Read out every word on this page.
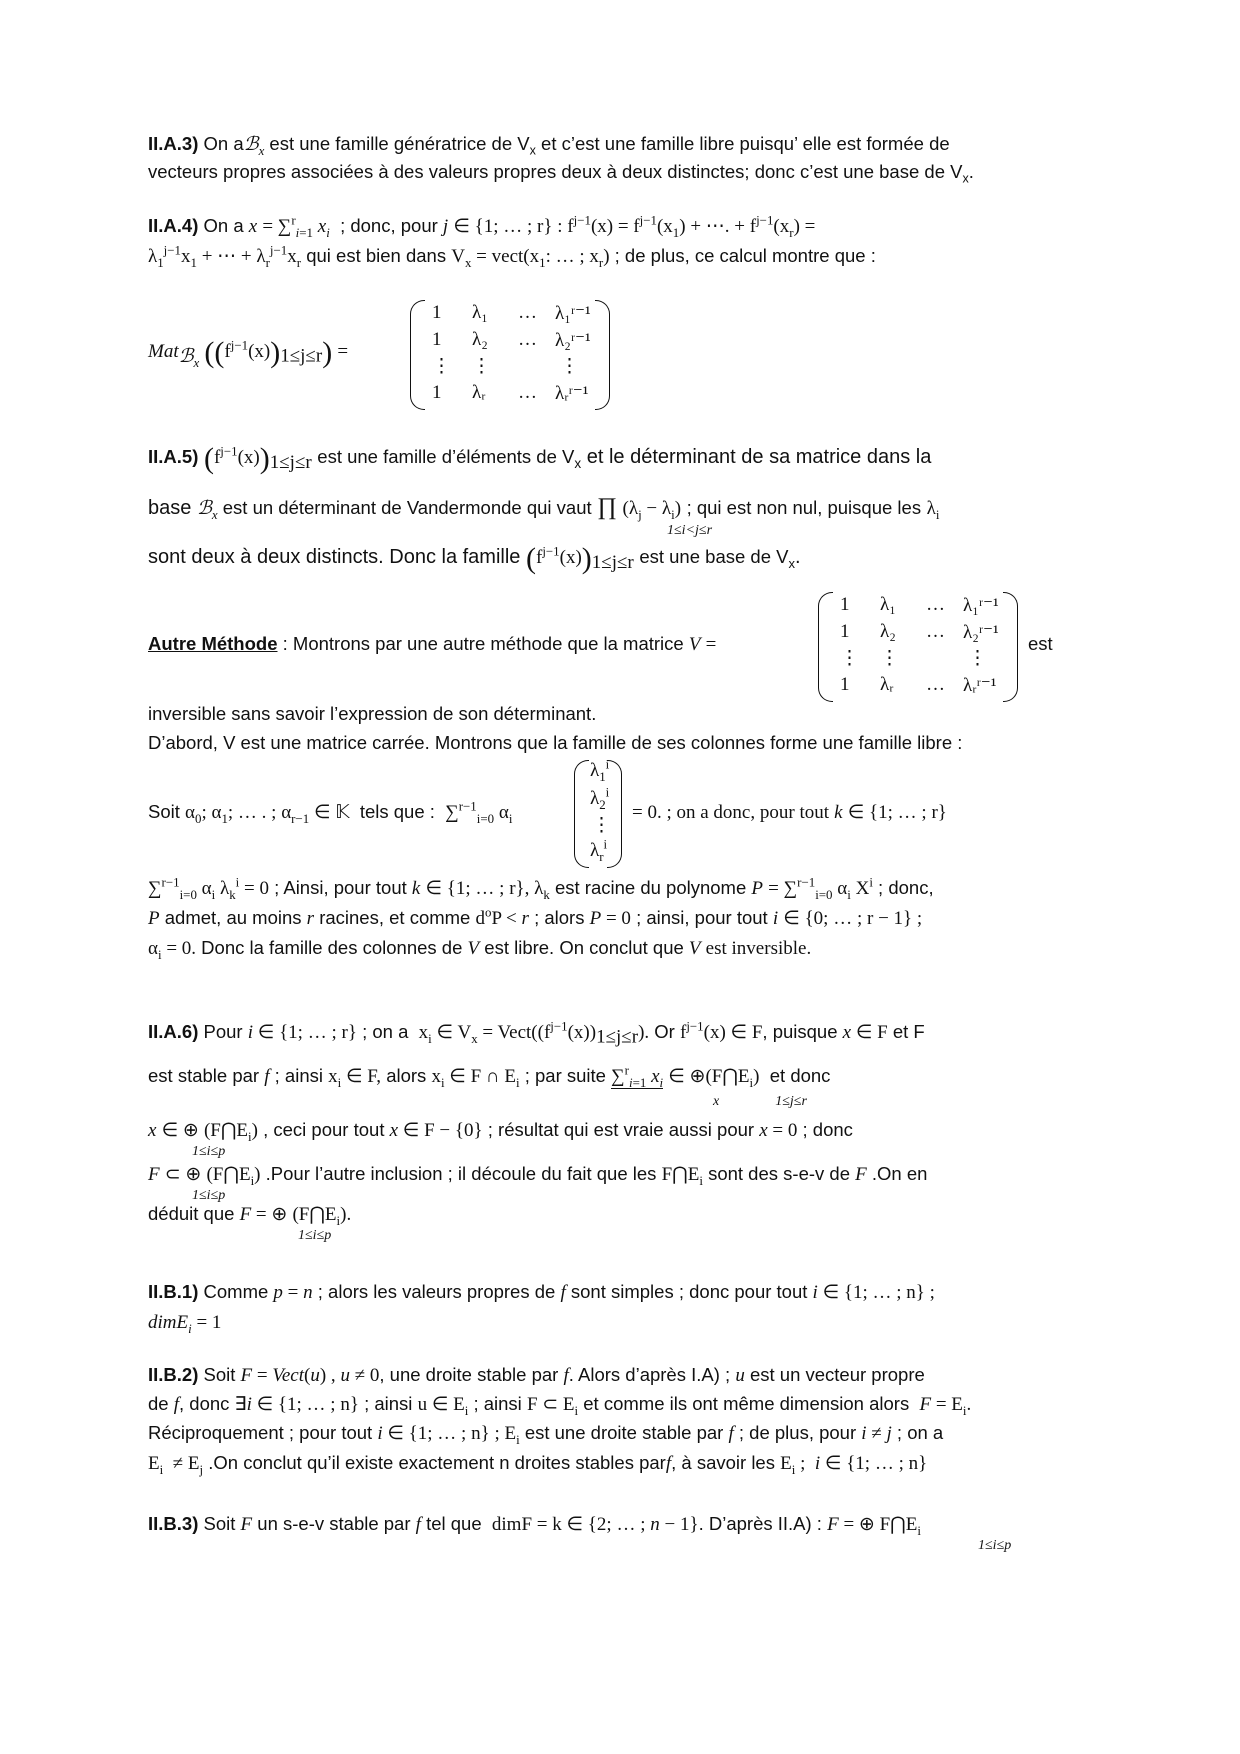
II.A.3) On aℬ$_x$ est une famille génératrice de $V_x$ et c’est une famille libre puisqu’ elle est formée de
vecteurs propres associées à des valeurs propres deux à deux distinctes; donc c’est une base de $V_x$.
II.A.4) On a x = ∑$^r_{i=1}$ $x_i$ ; donc, pour j ∈ {1; … ; r} : $f^{j-1}(x) = f^{j-1}(x_1)$ + ⋯. + $f^{j-1}(x_r)$ =
$\lambda_1^{j-1}x_1$ + ⋯ + $\lambda_r^{j-1}x_r$ qui est bien dans $V_x$ = $vect(x_1$: … ; $x_r$) ; de plus, ce calcul montre que :
Mat$_{ℬ_x}$ $((f^{j-1}(x))_{1\le j\le r})$ =
1 λ₁ … λ₁ʳ⁻¹
1 λ₂ … λ₂ʳ⁻¹
⋮ ⋮	⋮
1 λᵣ … λᵣʳ⁻¹
II.A.5) $(f^{j-1}(x))_{1\le j\le r}$ est une famille d’éléments de $V_x$ et le déterminant de sa matrice dans la
base ℬ$_x$ est un déterminant de Vandermonde qui vaut ∏ $(\lambda_j - \lambda_i)$ ; qui est non nul, puisque les $\lambda_i$
$^{1\le i<j\le r}$
sont deux à deux distincts. Donc la famille $(f^{j-1}(x))_{1\le j\le r}$ est une base de $V_x$.
Autre Méthode : Montrons par une autre méthode que la matrice V =
1 λ₁ … λ₁ʳ⁻¹
1 λ₂ … λ₂ʳ⁻¹
⋮ ⋮	⋮
1 λᵣ … λᵣʳ⁻¹
est
inversible sans savoir l’expression de son déterminant.
D’abord, V est une matrice carrée. Montrons que la famille de ses colonnes forme une famille libre :
Soit $\alpha_0$; $\alpha_1$; … . ; $\alpha_{r-1}$ ∈ 𝕂 tels que : ∑$^{r-1}_{i=0}$ $\alpha_i$
$\lambda_1^i$
$\lambda_2^i$
⋮
$\lambda_r^i$
= 0. ; on a donc, pour tout k ∈ {1; … ; r}
∑$^{r-1}_{i=0}$ $\alpha_i$ $\lambda_k^i = 0$ ; Ainsi, pour tout k ∈ {1; … ; r}, $\lambda_k$ est racine du polynome P = ∑$^{r-1}_{i=0}$ $\alpha_i$ $X^i$ ; donc,
P admet, au moins r racines, et comme $d^oP < r$ ; alors P = 0 ; ainsi, pour tout i ∈ {0; … ; r − 1} ;
$\alpha_i = 0$. Donc la famille des colonnes de V est libre. On conclut que V est inversible.
II.A.6) Pour i ∈ {1; … ; r} ; on a $x_i$ ∈ $V_x$ = $Vect((f^{j-1}(x))_{1\le j\le r})$. Or $f^{j-1}(x)$ ∈ F, puisque x ∈ F et F
est stable par f ; ainsi $x_i$ ∈ F, alors $x_i$ ∈ F ∩ $E_i$ ; par suite ∑$^r_{i=1}$ $x_i$ ∈ $\oplus(F⋂E_i)$ et donc
x	1≤j≤r
x ∈ ⊕ $(F⋂E_i)$ , ceci pour tout x ∈ F − {0} ; résultat qui est vraie aussi pour x = 0 ; donc
$^{1\le i\le p}$
F ⊂ ⊕ $(F⋂E_i)$ .Pour l’autre inclusion ; il découle du fait que les $F⋂E_i$ sont des s-e-v de F .On en
$^{1\le i\le p}$
déduit que F = ⊕ $(F⋂E_i)$.
$^{1\le i\le p}$
II.B.1) Comme p = n ; alors les valeurs propres de f sont simples ; donc pour tout i ∈ {1; … ; n} ;
dimE$_i$ = 1
II.B.2) Soit F = Vect(u) , u ≠ 0, une droite stable par f. Alors d’après I.A) ; u est un vecteur propre
de f, donc ∃i ∈ {1; … ; n} ; ainsi u ∈ $E_i$ ; ainsi F ⊂ $E_i$ et comme ils ont même dimension alors $F = E_i$.
Réciproquement ; pour tout i ∈ {1; … ; n} ; $E_i$ est une droite stable par f ; de plus, pour i ≠ j ; on a
$E_i \ne E_j$ .On conclut qu’il existe exactement n droites stables parf, à savoir les $E_i$ ;  i ∈ {1; … ; n}
II.B.3) Soit F un s-e-v stable par f tel que dimF = k ∈ {2; … ; n − 1}. D’après II.A) : F = ⊕ $F⋂E_i$
$^{1\le i\le p}$
